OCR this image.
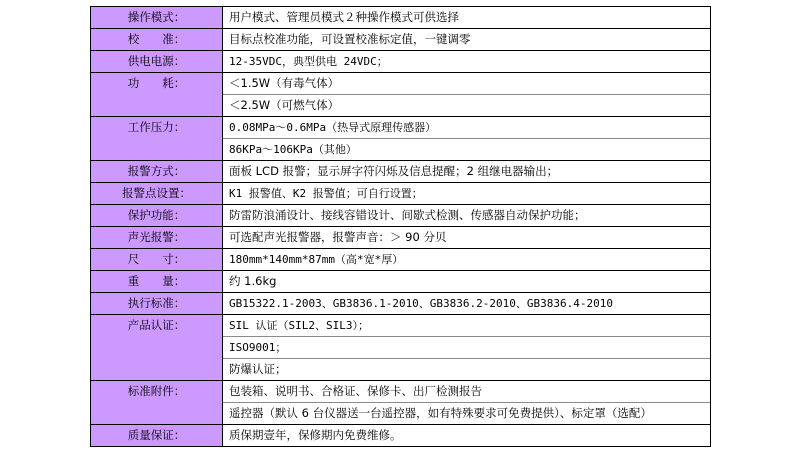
操作模式：	用户模式、管理员模式２种操作模式可供选择

校　　准：	目标点校准功能，可设置校准标定值，一键调零

供电电源：	12-35VDC，典型供电 24VDC；

功　　耗：	＜1.5W（有毒气体）
＜2.5W（可燃气体）

工作压力：	0.08MPa～0.6MPa（热导式原理传感器）
86KPa～106KPa（其他）

报警方式：	面板 LCD 报警；显示屏字符闪烁及信息提醒；2 组继电器输出；

报警点设置：	K1 报警值、K2 报警值；可自行设置；

保护功能：	防雷防浪涌设计、接线容错设计、间歇式检测、传感器自动保护功能；

声光报警：	可选配声光报警器，报警声音：＞ 90 分贝

尺　　寸：	180mm*140mm*87mm（高*宽*厚）

重　　量：	约 1.6kg

执行标准：	GB15322.1-2003、GB3836.1-2010、GB3836.2-2010、GB3836.4-2010

产品认证：	SIL 认证（SIL2、SIL3）；
ISO9001；
防爆认证；

标准附件：	包装箱、说明书、合格证、保修卡、出厂检测报告
遥控器（默认 6 台仪器送一台遥控器，如有特殊要求可免费提供）、标定罩（选配）

质量保证：	质保期壹年，保修期内免费维修。
